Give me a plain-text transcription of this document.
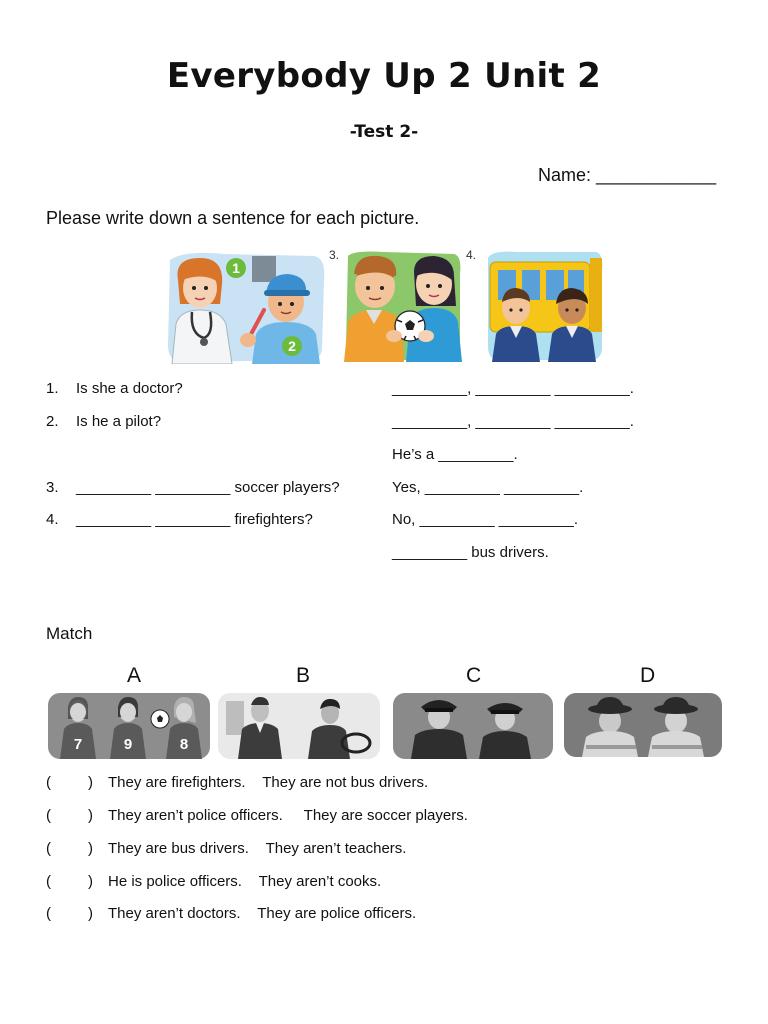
Everybody Up 2 Unit 2
-Test 2-
Name: ____________
Please write down a sentence for each picture.
1
2
3.	4.
1. Is she a doctor?	_________, _________ _________.
2. Is he a pilot?	_________, _________ _________.
He’s a _________.
3. _________ _________ soccer players?	Yes, _________ _________.
4. _________ _________ firefighters?	No, _________ _________.
_________ bus drivers.
Match
A	B	C	D
7	9	8
( ) They are firefighters. They are not bus drivers.
( ) They aren’t police officers. They are soccer players.
( ) They are bus drivers. They aren’t teachers.
( ) He is police officers. They aren’t cooks.
( ) They aren’t doctors. They are police officers.
